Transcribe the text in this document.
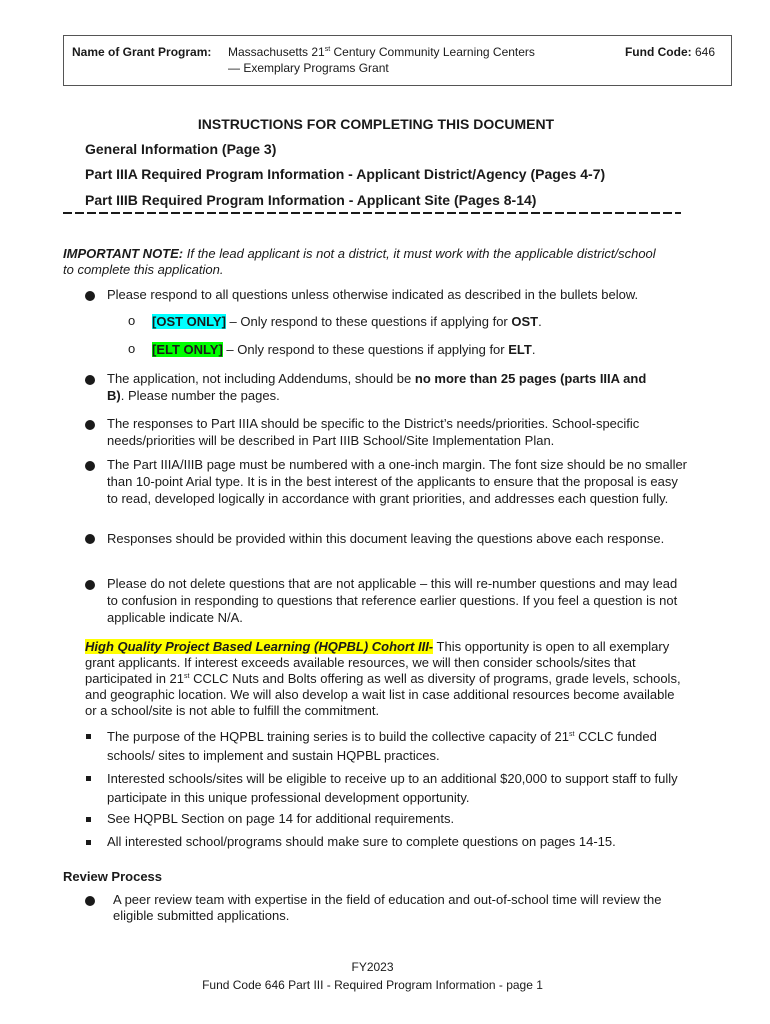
Name of Grant Program: Massachusetts 21st Century Community Learning Centers
— Exemplary Programs Grant
Fund Code: 646
INSTRUCTIONS FOR COMPLETING THIS DOCUMENT
General Information (Page 3)
Part IIIA Required Program Information - Applicant District/Agency (Pages 4-7)
Part IIIB Required Program Information - Applicant Site (Pages 8-14)
IMPORTANT NOTE: If the lead applicant is not a district, it must work with the applicable district/school to complete this application.
Please respond to all questions unless otherwise indicated as described in the bullets below.
o [OST ONLY] – Only respond to these questions if applying for OST.
o [ELT ONLY] – Only respond to these questions if applying for ELT.
The application, not including Addendums, should be no more than 25 pages (parts IIIA and B). Please number the pages.
The responses to Part IIIA should be specific to the District’s needs/priorities. School-specific needs/priorities will be described in Part IIIB School/Site Implementation Plan.
The Part IIIA/IIIB page must be numbered with a one-inch margin. The font size should be no smaller than 10-point Arial type. It is in the best interest of the applicants to ensure that the proposal is easy to read, developed logically in accordance with grant priorities, and addresses each question fully.
Responses should be provided within this document leaving the questions above each response.
Please do not delete questions that are not applicable – this will re-number questions and may lead to confusion in responding to questions that reference earlier questions. If you feel a question is not applicable indicate N/A.
High Quality Project Based Learning (HQPBL) Cohort III- This opportunity is open to all exemplary grant applicants. If interest exceeds available resources, we will then consider schools/sites that participated in 21st CCLC Nuts and Bolts offering as well as diversity of programs, grade levels, schools, and geographic location. We will also develop a wait list in case additional resources become available or a school/site is not able to fulfill the commitment.
The purpose of the HQPBL training series is to build the collective capacity of 21st CCLC funded schools/ sites to implement and sustain HQPBL practices.
Interested schools/sites will be eligible to receive up to an additional $20,000 to support staff to fully participate in this unique professional development opportunity.
See HQPBL Section on page 14 for additional requirements.
All interested school/programs should make sure to complete questions on pages 14-15.
Review Process
A peer review team with expertise in the field of education and out-of-school time will review the eligible submitted applications.
FY2023
Fund Code 646 Part III - Required Program Information - page 1
